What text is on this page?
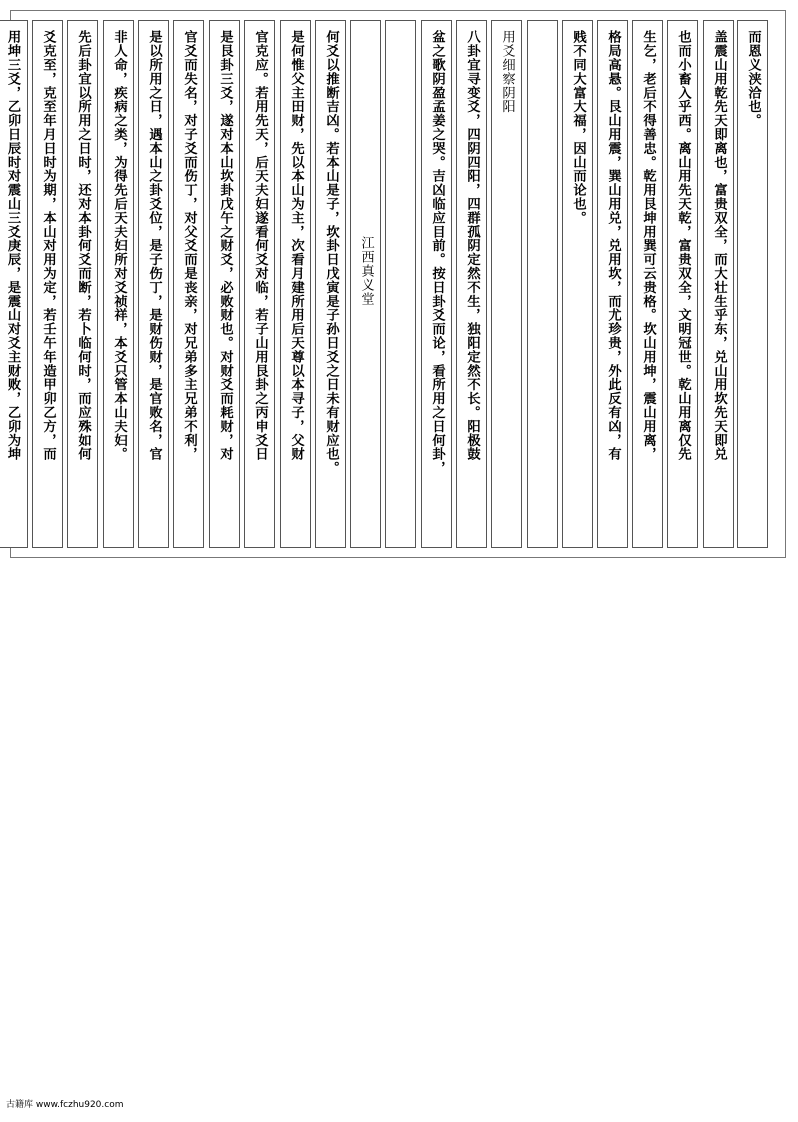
而恩义浃洽也。
盖震山用乾先天即离也，富贵双全，而大壮生乎东，兑山用坎先天即兑
也而小畜入乎西。离山用先天乾，富贵双全，文明冠世。乾山用离仅先
生乞，老后不得善忠。乾用艮坤用巽可云贵格。坎山用坤，震山用离，
格局高悬。艮山用震，巽山用兑，兑用坎，而尤珍贵，外此反有凶，有
贱不同大富大福，因山而论也。
用爻细察阴阳
八卦宜寻变爻，四阴四阳，四群孤阴定然不生，独阳定然不长。阳极鼓
盆之歌阴盈孟姜之哭。吉凶临应目前。按日卦爻而论，看所用之日何卦，
江西真义堂
何爻以推断吉凶。若本山是子，坎卦日戊寅是子孙日爻之日未有财应也。
是何惟父主田财，先以本山为主，次看月建所用后天尊以本寻子，父财
官克应。若用先天，后天夫妇遂看何爻对临，若子山用艮卦之丙申爻日
是艮卦三爻，遂对本山坎卦戊午之财爻，必败财也。对财爻而耗财，对
官爻而失名，对子爻而伤丁，对父爻而是丧亲，对兄弟多主兄弟不利，
是以所用之日，遇本山之卦爻位，是子伤丁，是财伤财，是官败名，官
非人命，疾病之类，为得先后天夫妇所对爻祯祥，本爻只管本山夫妇。
先后卦宜以所用之日时，还对本卦何爻而断，若卜临何时，而应殊如何
爻克至，克至年月日时为期，本山对用为定，若壬午年造甲卯乙方，而
用坤三爻，乙卯日辰时对震山三爻庚辰，是震山对爻主财败，乙卯为坤
古籍库 www.fczhu920.com
